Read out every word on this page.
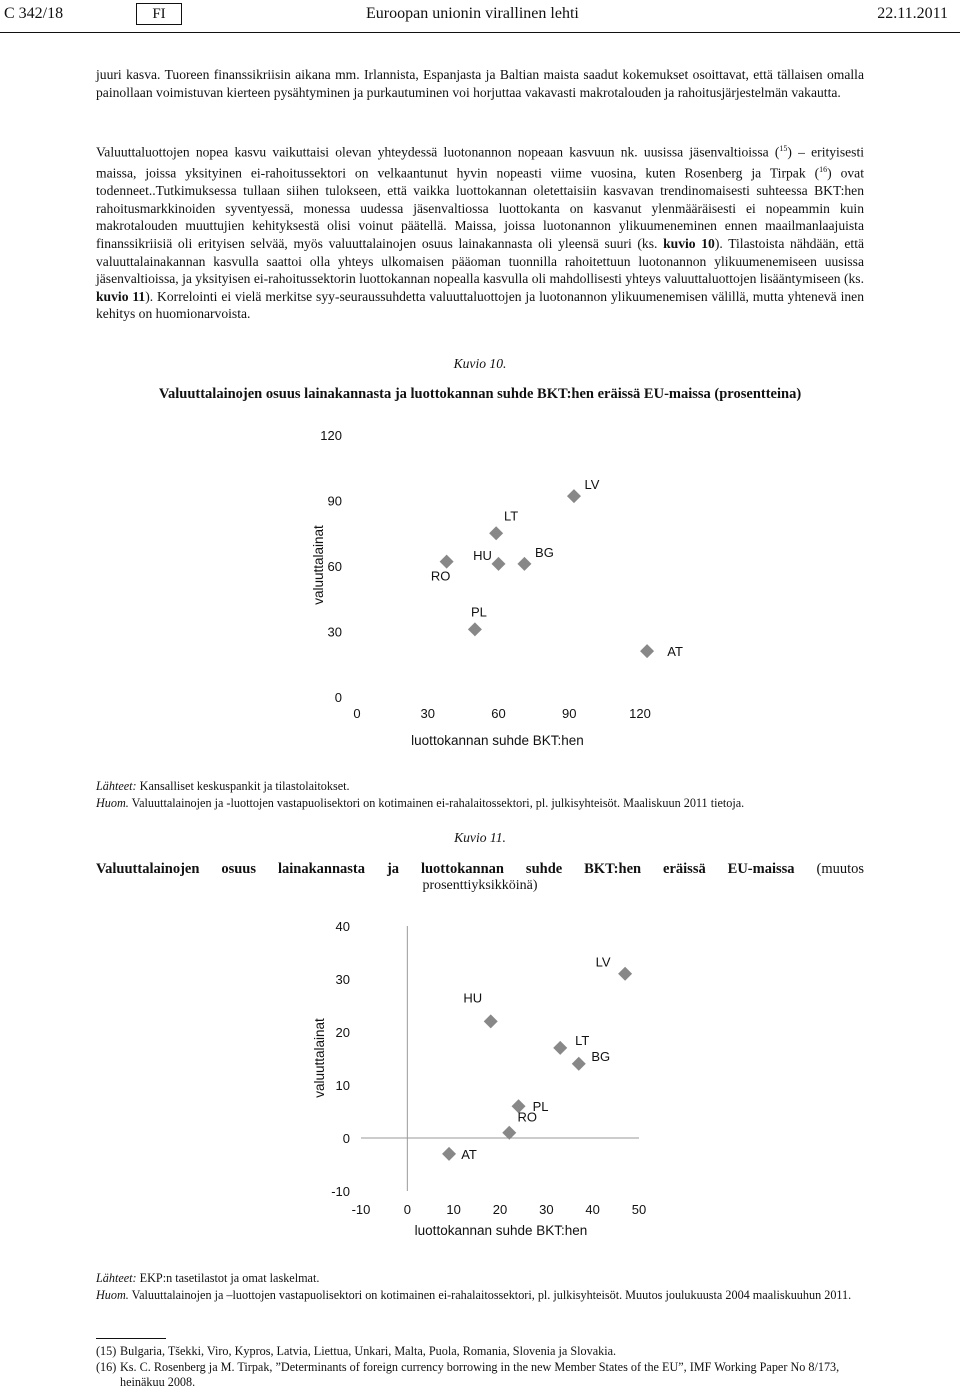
C 342/18	FI	Euroopan unionin virallinen lehti	22.11.2011

juuri kasva. Tuoreen finanssikriisin aikana mm. Irlannista, Espanjasta ja Baltian maista saadut kokemukset osoittavat, että tällaisen omalla painollaan voimistuvan kierteen pysähtyminen ja purkautuminen voi horjuttaa vakavasti makrotalouden ja rahoitusjärjestelmän vakautta.

Valuuttaluottojen nopea kasvu vaikuttaisi olevan yhteydessä luotonannon nopeaan kasvuun nk. uusissa jäsenvaltioissa ($^{15}$) – erityisesti maissa, joissa yksityinen ei-rahoitussektori on velkaantunut hyvin nopeasti viime vuosina, kuten Rosenberg ja Tirpak ($^{16}$) ovat todenneet..Tutkimuksessa tullaan siihen tulokseen, että vaikka luottokannan oletettaisiin kasvavan trendinomaisesti suhteessa BKT:hen rahoitusmarkkinoiden syventyessä, monessa uudessa jäsenvaltiossa luottokanta on kasvanut ylenmääräisesti ei nopeammin kuin makrotalouden muuttujien kehityksestä olisi voinut päätellä. Maissa, joissa luotonannon ylikuumeneminen ennen maailmanlaajuista finanssikriisiä oli erityisen selvää, myös valuuttalainojen osuus lainakannasta oli yleensä suuri (ks. kuvio 10). Tilastoista nähdään, että valuuttalainakannan kasvulla saattoi olla yhteys ulkomaisen pääoman tuonnilla rahoitettuun luotonannon ylikuumenemiseen uusissa jäsenvaltioissa, ja yksityisen ei-rahoitussektorin luottokannan nopealla kasvulla oli mahdollisesti yhteys valuuttaluottojen lisääntymiseen (ks. kuvio 11). Korrelointi ei vielä merkitse syy-seuraussuhdetta valuuttaluottojen ja luotonannon ylikuumenemisen välillä, mutta yhtenevä inen kehitys on huomionarvoista.

Kuvio 10.
Valuuttalainojen osuus lainakannasta ja luottokannan suhde BKT:hen eräissä EU-maissa (prosentteina)
0
30
60
90
120
0	30	60	90	120
luottokannan suhde BKT:hen
valuuttalainat
LV
LT
HU	BG
RO
PL
AT
-10
0
10
20
30
40
-10	0	10 20 30 40 50
luottokannan suhde BKT:hen
valuuttalainat
LV
HU
LT
BG
PL
RO
AT

Lähteet: Kansalliset keskuspankit ja tilastolaitokset.

Huom. Valuuttalainojen ja -luottojen vastapuolisektori on kotimainen ei-rahalaitossektori, pl. julkisyhteisöt. Maaliskuun 2011 tietoja.

Kuvio 11.
Valuuttalainojen osuus lainakannasta ja luottokannan suhde BKT:hen eräissä EU-maissa (muutos
prosenttiyksikköinä)

Lähteet: EKP:n tasetilastot ja omat laskelmat.

Huom. Valuuttalainojen ja –luottojen vastapuolisektori on kotimainen ei-rahalaitossektori, pl. julkisyhteisöt. Muutos joulukuusta 2004 maaliskuuhun 2011.

(15) Bulgaria, Tšekki, Viro, Kypros, Latvia, Liettua, Unkari, Malta, Puola, Romania, Slovenia ja Slovakia.

(16) Ks. C. Rosenberg ja M. Tirpak, ”Determinants of foreign currency borrowing in the new Member States of the EU”, IMF Working Paper No 8/173, heinäkuu 2008.
